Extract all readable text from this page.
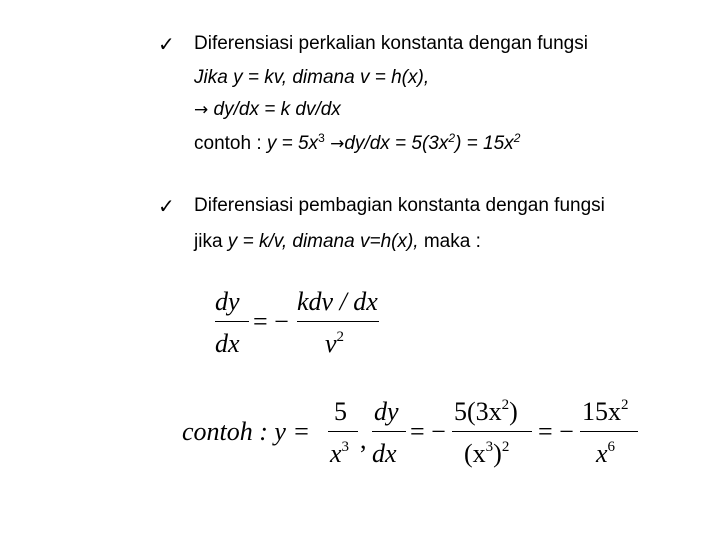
✓ Diferensiasi perkalian konstanta dengan fungsi
Jika y = kv, dimana v = h(x),
→ dy/dx = k dv/dx
contoh : $y = 5x^3 \to dy/dx = 5(3x^2) = 15x^2$
✓ Diferensiasi pembagian konstanta dengan fungsi
jika y = k/v, dimana v=h(x), maka :
dy
dx
= −
kdv / dx
$v^2$
contoh : y =
5
$x^3$ ,
dy
dx
= −
$5(3x^2)$
$(x^3)^2$
= −
$15x^2$
$x^6$
